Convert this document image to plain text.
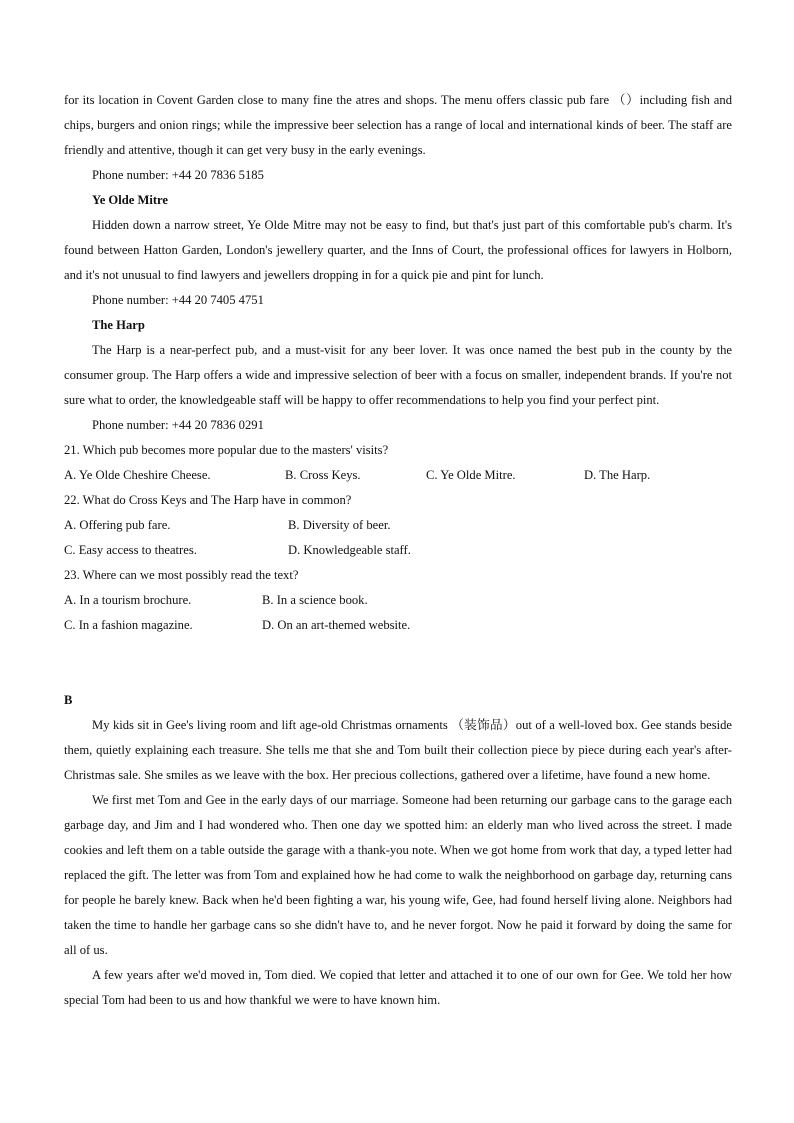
for its location in Covent Garden close to many fine the atres and shops. The menu offers classic pub fare （）including fish and chips, burgers and onion rings; while the impressive beer selection has a range of local and international kinds of beer. The staff are friendly and attentive, though it can get very busy in the early evenings.

Phone number: +44 20 7836 5185

Ye Olde Mitre

Hidden down a narrow street, Ye Olde Mitre may not be easy to find, but that's just part of this comfortable pub's charm. It's found between Hatton Garden, London's jewellery quarter, and the Inns of Court, the professional offices for lawyers in Holborn, and it's not unusual to find lawyers and jewellers dropping in for a quick pie and pint for lunch.

Phone number: +44 20 7405 4751

The Harp

The Harp is a near-perfect pub, and a must-visit for any beer lover. It was once named the best pub in the county by the consumer group. The Harp offers a wide and impressive selection of beer with a focus on smaller, independent brands. If you're not sure what to order, the knowledgeable staff will be happy to offer recommendations to help you find your perfect pint.

Phone number: +44 20 7836 0291

21. Which pub becomes more popular due to the masters' visits?

A. Ye Olde Cheshire Cheese.	B. Cross Keys.	C. Ye Olde Mitre.	D. The Harp.

22. What do Cross Keys and The Harp have in common?

A. Offering pub fare.	B. Diversity of beer.
C. Easy access to theatres.	D. Knowledgeable staff.

23. Where can we most possibly read the text?

A. In a tourism brochure.	B. In a science book.
C. In a fashion magazine.	D. On an art-themed website.

B

My kids sit in Gee's living room and lift age-old Christmas ornaments （装饰品）out of a well-loved box. Gee stands beside them, quietly explaining each treasure. She tells me that she and Tom built their collection piece by piece during each year's after-Christmas sale. She smiles as we leave with the box. Her precious collections, gathered over a lifetime, have found a new home.

We first met Tom and Gee in the early days of our marriage. Someone had been returning our garbage cans to the garage each garbage day, and Jim and I had wondered who. Then one day we spotted him: an elderly man who lived across the street. I made cookies and left them on a table outside the garage with a thank-you note. When we got home from work that day, a typed letter had replaced the gift. The letter was from Tom and explained how he had come to walk the neighborhood on garbage day, returning cans for people he barely knew. Back when he'd been fighting a war, his young wife, Gee, had found herself living alone. Neighbors had taken the time to handle her garbage cans so she didn't have to, and he never forgot. Now he paid it forward by doing the same for all of us.

A few years after we'd moved in, Tom died. We copied that letter and attached it to one of our own for Gee. We told her how special Tom had been to us and how thankful we were to have known him.
